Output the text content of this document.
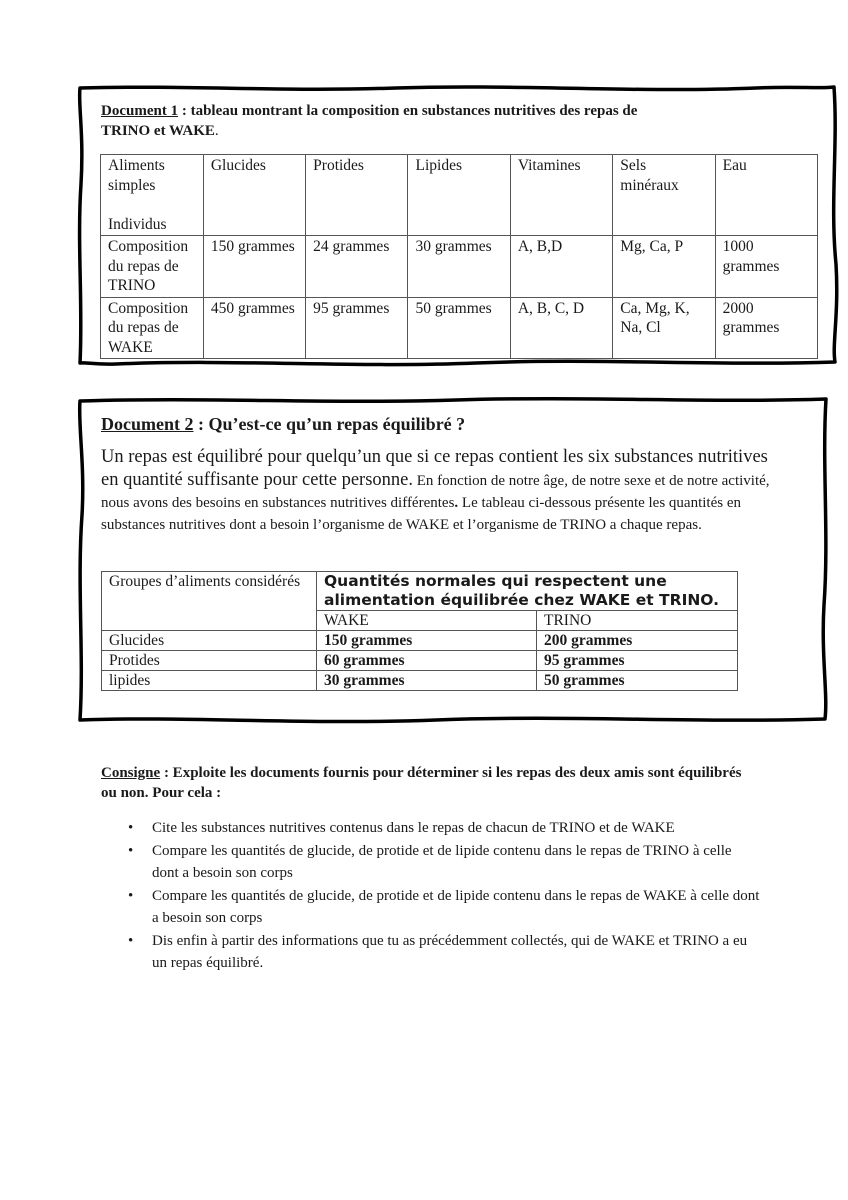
Document 1 : tableau montrant la composition en substances nutritives des repas de
TRINO et WAKE.
Aliments simples

Individus	Glucides	Protides	Lipides	Vitamines	Sels minéraux	Eau
Composition du repas de TRINO	150 grammes	24 grammes	30 grammes	A, B,D	Mg, Ca, P	1000 grammes
Composition du repas de WAKE	450 grammes	95 grammes	50 grammes	A, B, C, D	Ca, Mg, K, Na, Cl	2000 grammes
Document 2 : Qu’est-ce qu’un repas équilibré ?
Un repas est équilibré pour quelqu’un que si ce repas contient les six substances nutritives en quantité suffisante pour cette personne. En fonction de notre âge, de notre sexe et de notre activité, nous avons des besoins en substances nutritives différentes. Le tableau ci-dessous présente les quantités en substances nutritives dont a besoin l’organisme de WAKE et l’organisme de TRINO a chaque repas.
Groupes d’aliments considérés	Quantités normales qui respectent une alimentation équilibrée chez WAKE et TRINO.	
	WAKE	TRINO
Glucides	150 grammes	200 grammes
Protides	60 grammes	95 grammes
lipides	30 grammes	50 grammes
Consigne : Exploite les documents fournis pour déterminer si les repas des deux amis sont équilibrés ou non. Pour cela :
• Cite les substances nutritives contenus dans le repas de chacun de TRINO et de WAKE
• Compare les quantités de glucide, de protide et de lipide contenu dans le repas de TRINO à celle dont a besoin son corps
• Compare les quantités de glucide, de protide et de lipide contenu dans le repas de WAKE à celle dont a besoin son corps
• Dis enfin à partir des informations que tu as précédemment collectés, qui de WAKE et TRINO a eu un repas équilibré.
